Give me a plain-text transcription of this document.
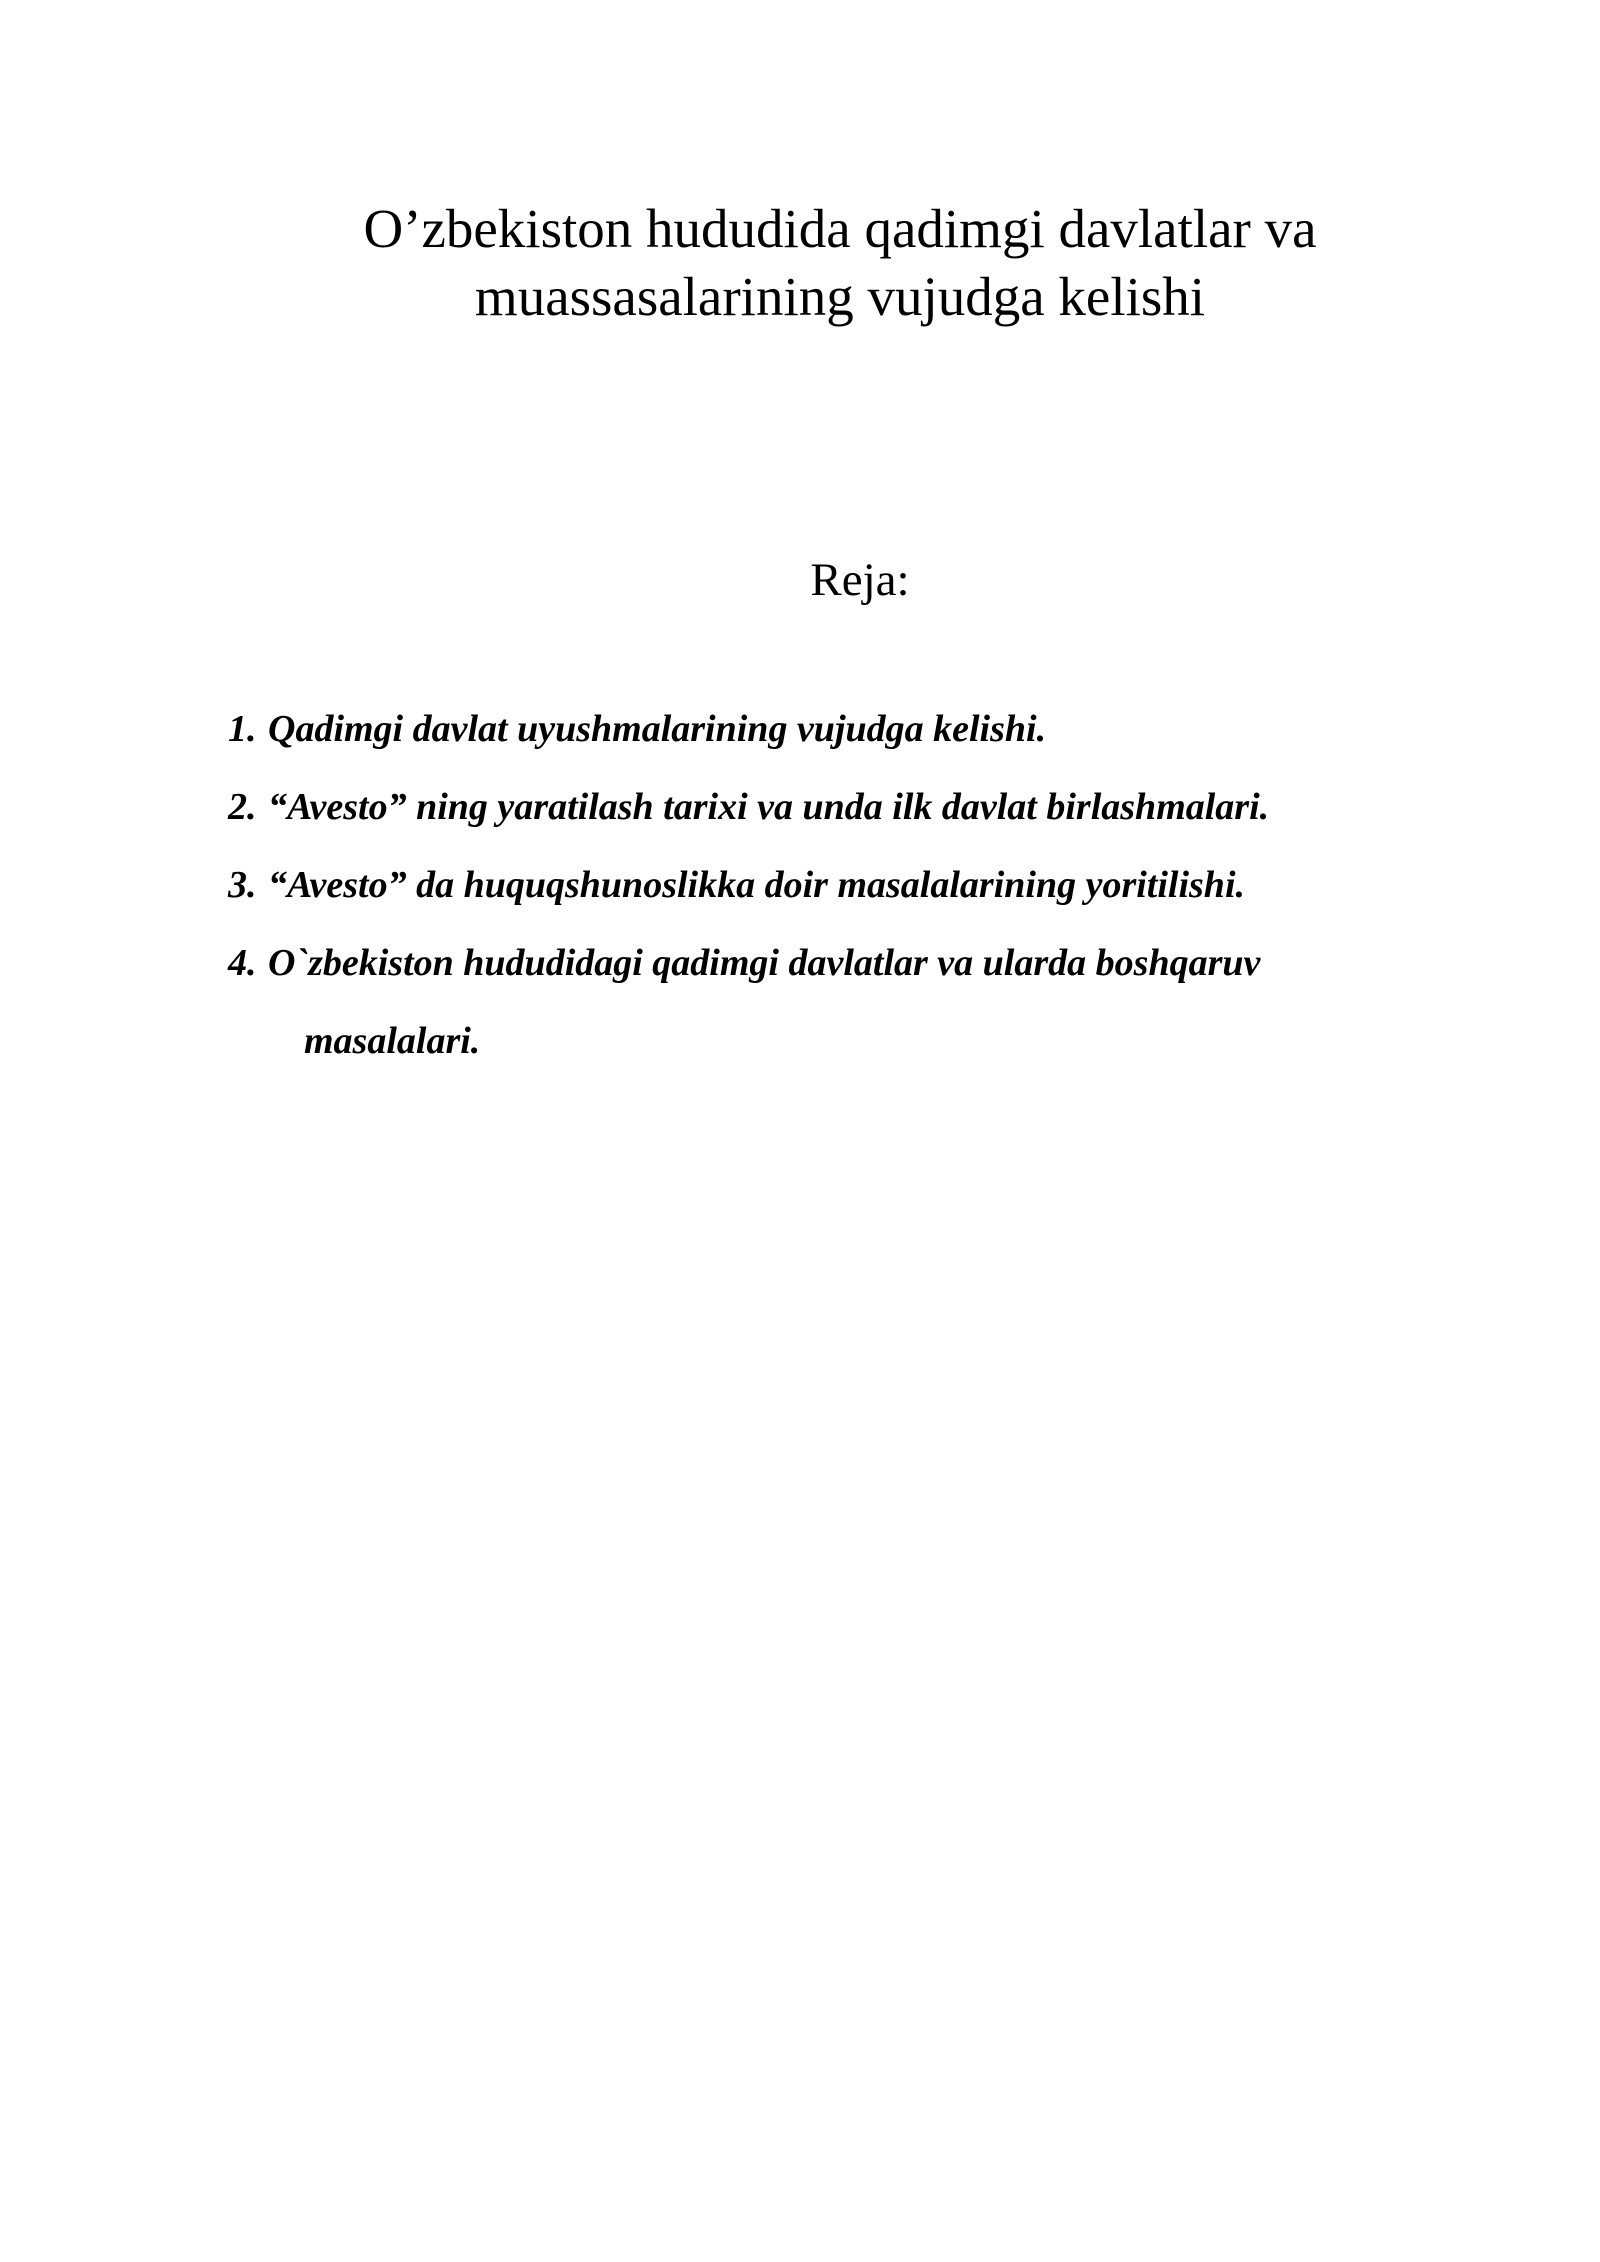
O’zbekiston hududida qadimgi davlatlar va
muassasalarining vujudga kelishi
Reja:
1. Qadimgi davlat uyushmalarining vujudga kelishi.
2. “Avesto” ning yaratilash tarixi va unda ilk davlat birlashmalari.
3. “Avesto” da huquqshunoslikka doir masalalarining yoritilishi.
4. O`zbekiston hududidagi qadimgi davlatlar va ularda boshqaruv
masalalari.
